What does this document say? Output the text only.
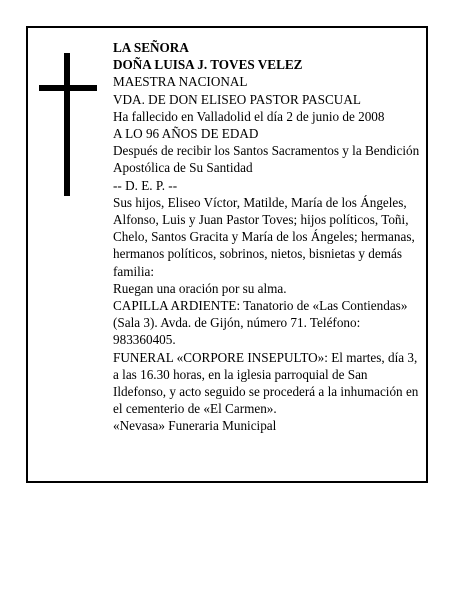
LA SEÑORA
DOÑA LUISA J. TOVES VELEZ
MAESTRA NACIONAL
VDA. DE DON ELISEO PASTOR PASCUAL
Ha fallecido en Valladolid el día 2 de junio de 2008
A LO 96 AÑOS DE EDAD
Después de recibir los Santos Sacramentos y la Bendición Apostólica de Su Santidad
-- D. E. P. --
Sus hijos, Eliseo Víctor, Matilde, María de los Ángeles, Alfonso, Luis y Juan Pastor Toves; hijos políticos, Toñi, Chelo, Santos Gracita y María de los Ángeles; hermanas, hermanos políticos, sobrinos, nietos, bisnietas y demás familia:
Ruegan una oración por su alma.
CAPILLA ARDIENTE: Tanatorio de «Las Contiendas» (Sala 3). Avda. de Gijón, número 71. Teléfono: 983360405.
FUNERAL «CORPORE INSEPULTO»: El martes, día 3, a las 16.30 horas, en la iglesia parroquial de San Ildefonso, y acto seguido se procederá a la inhumación en el cementerio de «El Carmen».
«Nevasa» Funeraria Municipal
